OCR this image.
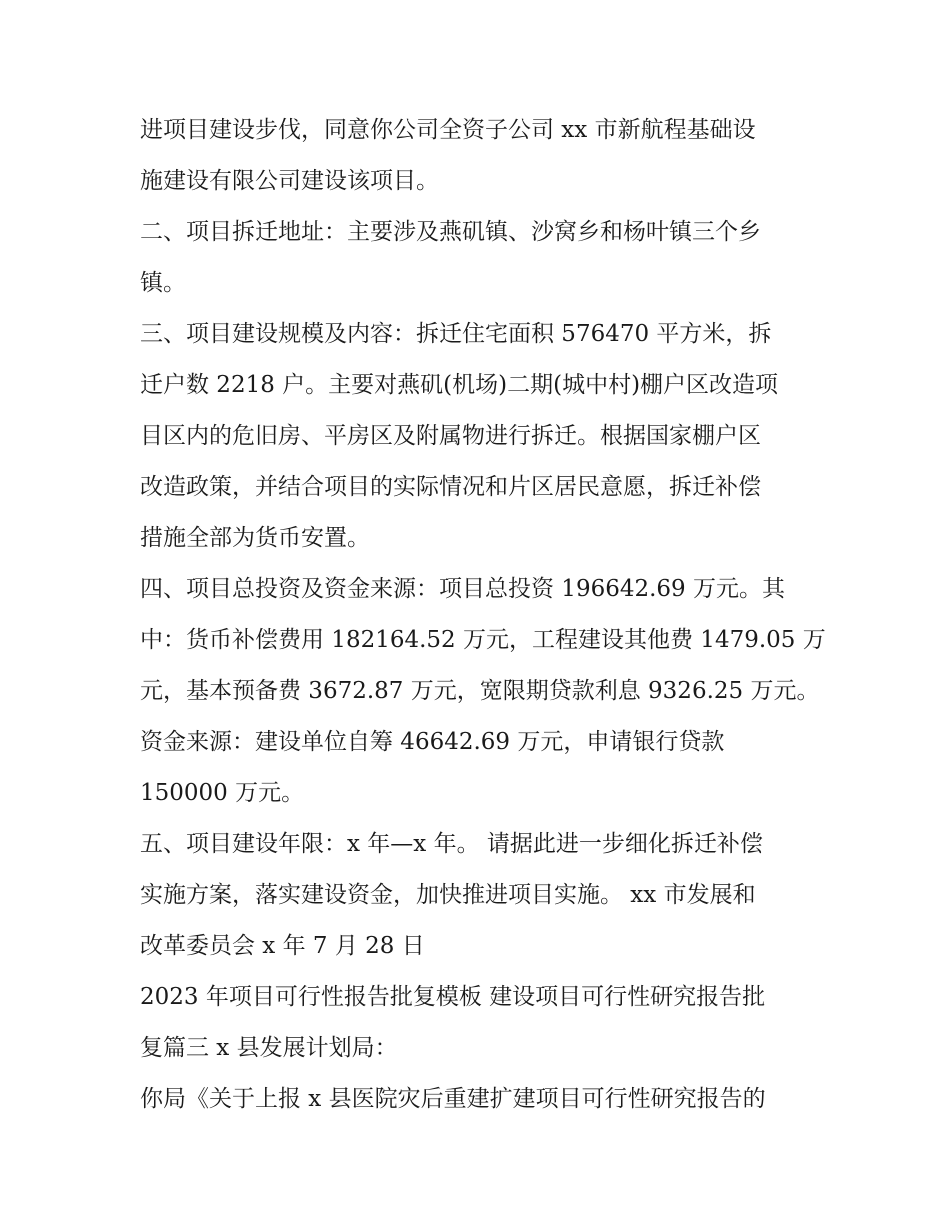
进项目建设步伐，同意你公司全资子公司 xx 市新航程基础设

施建设有限公司建设该项目。

二、项目拆迁地址：主要涉及燕矶镇、沙窝乡和杨叶镇三个乡

镇。

三、项目建设规模及内容：拆迁住宅面积 576470 平方米，拆

迁户数 2218 户。主要对燕矶(机场)二期(城中村)棚户区改造项

目区内的危旧房、平房区及附属物进行拆迁。根据国家棚户区

改造政策，并结合项目的实际情况和片区居民意愿，拆迁补偿

措施全部为货币安置。

四、项目总投资及资金来源：项目总投资 196642.69 万元。其

中：货币补偿费用 182164.52 万元，工程建设其他费 1479.05 万

元，基本预备费 3672.87 万元，宽限期贷款利息 9326.25 万元。

资金来源：建设单位自筹 46642.69 万元，申请银行贷款

150000 万元。

五、项目建设年限：x 年—x 年。 请据此进一步细化拆迁补偿

实施方案，落实建设资金，加快推进项目实施。 xx 市发展和

改革委员会 x 年 7 月 28 日

2023 年项目可行性报告批复模板 建设项目可行性研究报告批

复篇三 x 县发展计划局：

你局《关于上报 x 县医院灾后重建扩建项目可行性研究报告的
